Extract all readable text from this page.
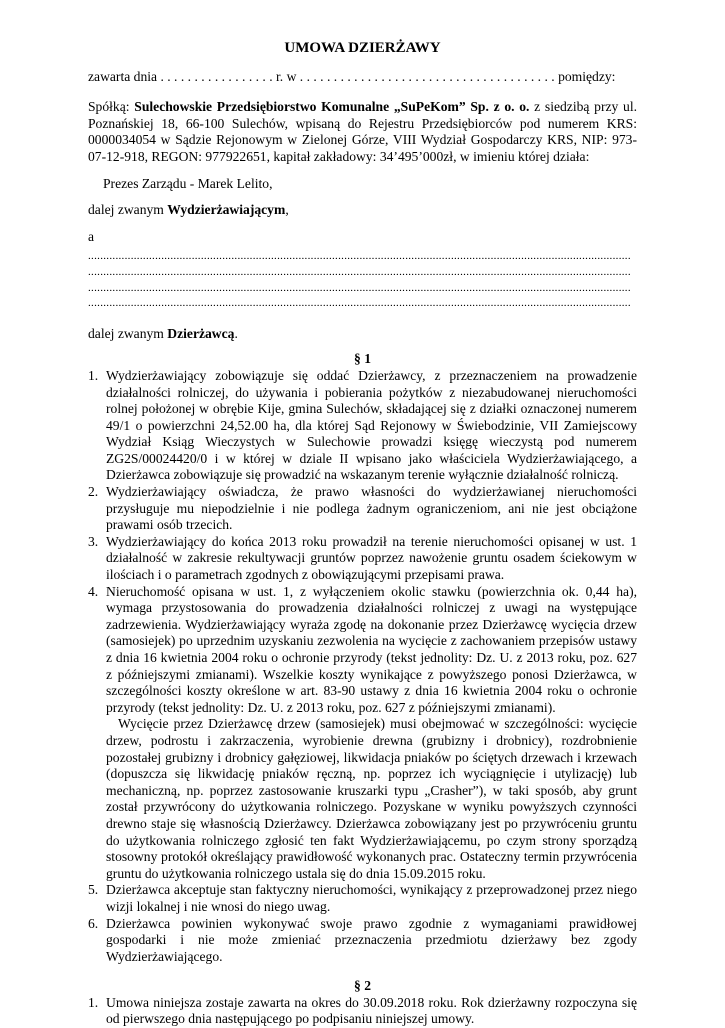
UMOWA DZIERŻAWY

zawarta dnia . . . . . . . . . . . . . . . . . r. w . . . . . . . . . . . . . . . . . . . . . . . . . . . . . . . . . . . . . . pomiędzy:

Spółką: Sulechowskie Przedsiębiorstwo Komunalne „SuPeKom” Sp. z o. o. z siedzibą przy ul. Poznańskiej 18, 66-100 Sulechów, wpisaną do Rejestru Przedsiębiorców pod numerem KRS: 0000034054 w Sądzie Rejonowym w Zielonej Górze, VIII Wydział Gospodarczy KRS, NIP: 973-07-12-918, REGON: 977922651, kapitał zakładowy: 34’495’000zł, w imieniu której działa:

Prezes Zarządu - Marek Lelito,

dalej zwanym Wydzierżawiającym,

a

..................................................................................................................................................................................
..................................................................................................................................................................................
..................................................................................................................................................................................
..................................................................................................................................................................................

dalej zwanym Dzierżawcą.

§ 1

1. Wydzierżawiający zobowiązuje się oddać Dzierżawcy, z przeznaczeniem na prowadzenie działalności rolniczej, do używania i pobierania pożytków z niezabudowanej nieruchomości rolnej położonej w obrębie Kije, gmina Sulechów, składającej się z działki oznaczonej numerem 49/1 o powierzchni 24,52.00 ha, dla której Sąd Rejonowy w Świebodzinie, VII Zamiejscowy Wydział Ksiąg Wieczystych w Sulechowie prowadzi księgę wieczystą pod numerem ZG2S/00024420/0 i w której w dziale II wpisano jako właściciela Wydzierżawiającego, a Dzierżawca zobowiązuje się prowadzić na wskazanym terenie wyłącznie działalność rolniczą.
2. Wydzierżawiający oświadcza, że prawo własności do wydzierżawianej nieruchomości przysługuje mu niepodzielnie i nie podlega żadnym ograniczeniom, ani nie jest obciążone prawami osób trzecich.
3. Wydzierżawiający do końca 2013 roku prowadził na terenie nieruchomości opisanej w ust. 1 działalność w zakresie rekultywacji gruntów poprzez nawożenie gruntu osadem ściekowym w ilościach i o parametrach zgodnych z obowiązującymi przepisami prawa.
4. Nieruchomość opisana w ust. 1, z wyłączeniem okolic stawku (powierzchnia ok. 0,44 ha), wymaga przystosowania do prowadzenia działalności rolniczej z uwagi na występujące zadrzewienia. Wydzierżawiający wyraża zgodę na dokonanie przez Dzierżawcę wycięcia drzew (samosiejek) po uprzednim uzyskaniu zezwolenia na wycięcie z zachowaniem przepisów ustawy z dnia 16 kwietnia 2004 roku o ochronie przyrody (tekst jednolity: Dz. U. z 2013 roku, poz. 627 z późniejszymi zmianami). Wszelkie koszty wynikające z powyższego ponosi Dzierżawca, w szczególności koszty określone w art. 83-90 ustawy z dnia 16 kwietnia 2004 roku o ochronie przyrody (tekst jednolity: Dz. U. z 2013 roku, poz. 627 z późniejszymi zmianami).
Wycięcie przez Dzierżawcę drzew (samosiejek) musi obejmować w szczególności: wycięcie drzew, podrostu i zakrzaczenia, wyrobienie drewna (grubizny i drobnicy), rozdrobnienie pozostałej grubizny i drobnicy gałęziowej, likwidacja pniaków po ściętych drzewach i krzewach (dopuszcza się likwidację pniaków ręczną, np. poprzez ich wyciągnięcie i utylizację) lub mechaniczną, np. poprzez zastosowanie kruszarki typu „Crasher”), w taki sposób, aby grunt został przywrócony do użytkowania rolniczego. Pozyskane w wyniku powyższych czynności drewno staje się własnością Dzierżawcy. Dzierżawca zobowiązany jest po przywróceniu gruntu do użytkowania rolniczego zgłosić ten fakt Wydzierżawiającemu, po czym strony sporządzą stosowny protokół określający prawidłowość wykonanych prac. Ostateczny termin przywrócenia gruntu do użytkowania rolniczego ustala się do dnia 15.09.2015 roku.
5. Dzierżawca akceptuje stan faktyczny nieruchomości, wynikający z przeprowadzonej przez niego wizji lokalnej i nie wnosi do niego uwag.
6. Dzierżawca powinien wykonywać swoje prawo zgodnie z wymaganiami prawidłowej gospodarki i nie może zmieniać przeznaczenia przedmiotu dzierżawy bez zgody Wydzierżawiającego.

§ 2

1. Umowa niniejsza zostaje zawarta na okres do 30.09.2018 roku. Rok dzierżawny rozpoczyna się od pierwszego dnia następującego po podpisaniu niniejszej umowy.
